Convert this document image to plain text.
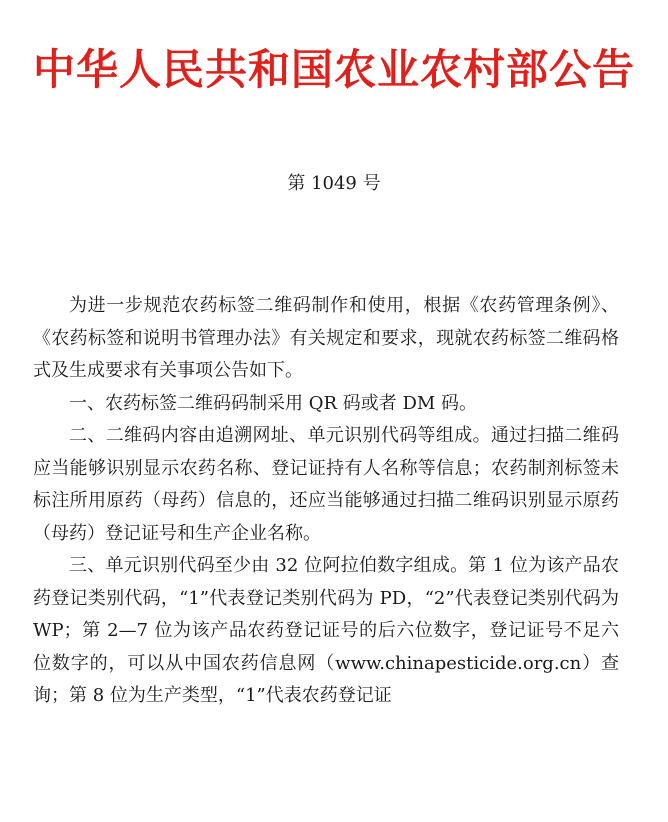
中华人民共和国农业农村部公告
第 1049 号

为进一步规范农药标签二维码制作和使用，根据《农药管理条例》、《农药标签和说明书管理办法》有关规定和要求，现就农药标签二维码格式及生成要求有关事项公告如下。

一、农药标签二维码码制采用 QR 码或者 DM 码。

二、二维码内容由追溯网址、单元识别代码等组成。通过扫描二维码应当能够识别显示农药名称、登记证持有人名称等信息；农药制剂标签未标注所用原药（母药）信息的，还应当能够通过扫描二维码识别显示原药（母药）登记证号和生产企业名称。

三、单元识别代码至少由 32 位阿拉伯数字组成。第 1 位为该产品农药登记类别代码，“1”代表登记类别代码为 PD，“2”代表登记类别代码为 WP；第 2—7 位为该产品农药登记证号的后六位数字，登记证号不足六位数字的，可以从中国农药信息网（www.chinapesticide.org.cn）查询；第 8 位为生产类型，“1”代表农药登记证
